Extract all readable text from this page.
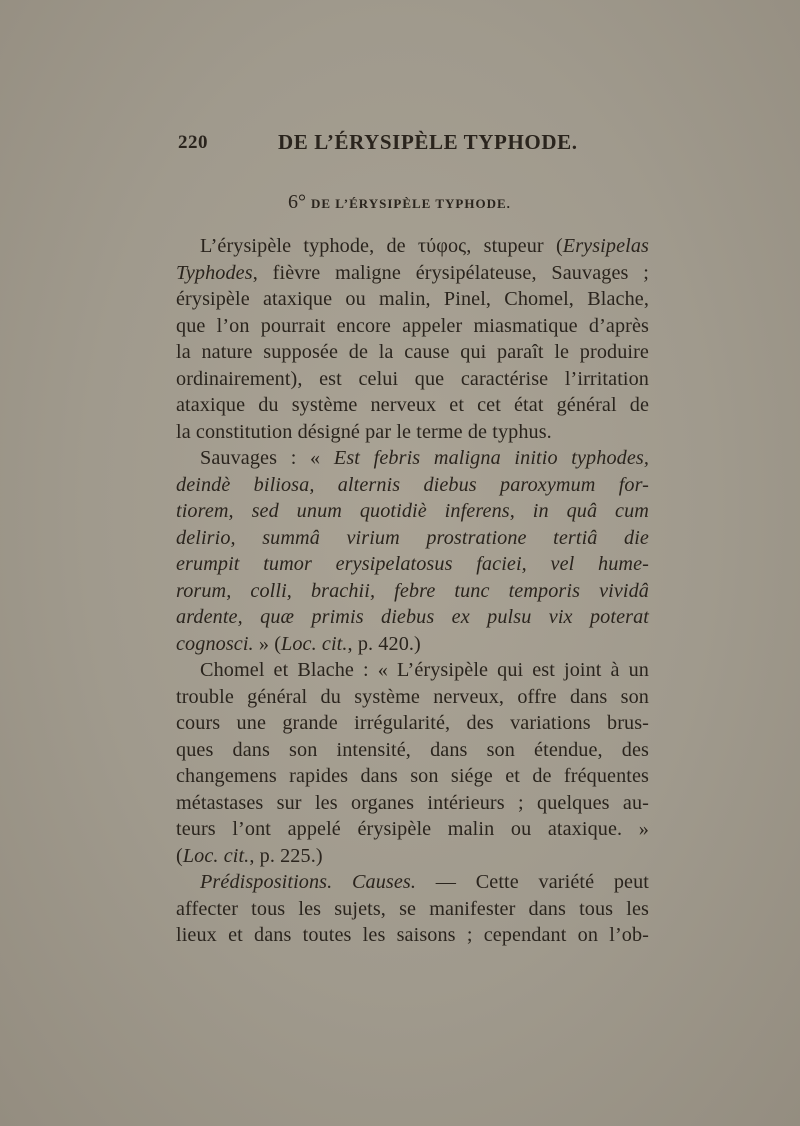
220	DE L’ÉRYSIPÈLE TYPHODE.
6° DE L’ÉRYSIPÈLE TYPHODE.
L’érysipèle typhode, de τύφος, stupeur (Erysipelas
Typhodes, fièvre maligne érysipélateuse, Sauvages ;
érysipèle ataxique ou malin, Pinel, Chomel, Blache,
que l’on pourrait encore appeler miasmatique d’après
la nature supposée de la cause qui paraît le produire
ordinairement), est celui que caractérise l’irritation
ataxique du système nerveux et cet état général de
la constitution désigné par le terme de typhus.
Sauvages : « Est febris maligna initio typhodes,
deindè biliosa, alternis diebus paroxymum for-
tiorem, sed unum quotidiè inferens, in quâ cum
delirio, summâ virium prostratione tertiâ die
erumpit tumor erysipelatosus faciei, vel hume-
rorum, colli, brachii, febre tunc temporis vividâ
ardente, quæ primis diebus ex pulsu vix poterat
cognosci. » (Loc. cit., p. 420.)
Chomel et Blache : « L’érysipèle qui est joint à un
trouble général du système nerveux, offre dans son
cours une grande irrégularité, des variations brus-
ques dans son intensité, dans son étendue, des
changemens rapides dans son siége et de fréquentes
métastases sur les organes intérieurs ; quelques au-
teurs l’ont appelé érysipèle malin ou ataxique. »
(Loc. cit., p. 225.)
Prédispositions. Causes. — Cette variété peut
affecter tous les sujets, se manifester dans tous les
lieux et dans toutes les saisons ; cependant on l’ob-
